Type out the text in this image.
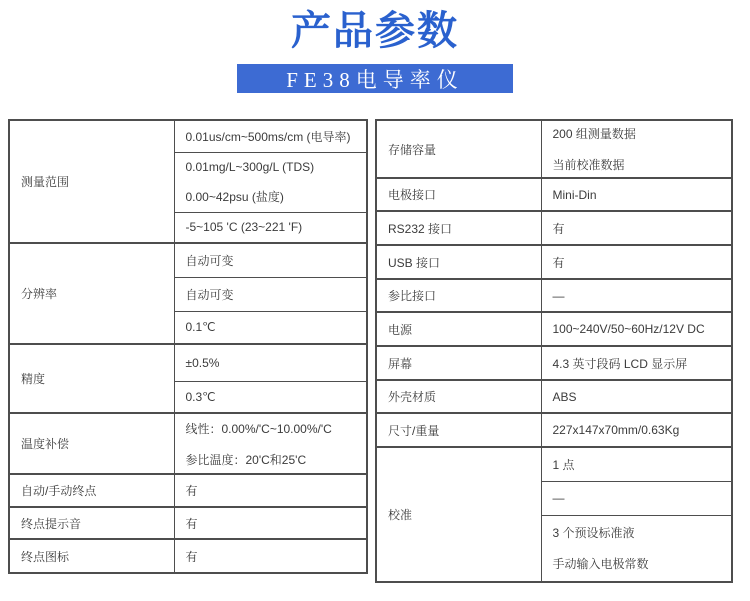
产品参数
FE38电导率仪
测量范围	0.01us/cm~500ms/cm (电导率)

	0.01mg/L~300g/L (TDS)
0.00~42psu (盐度)

	-5~105 'C (23~221 'F)
分辨率	自动可变
	自动可变
	0.1℃
精度	±0.5%
	0.3℃
温度补偿	线性：0.00%/'C~10.00%/'C
参比温度：20'C和25'C

自动/手动终点	有
终点提示音	有
终点图标	有
存储容量	200 组测量数据
当前校准数据

电极接口	Mini-Din
RS232 接口	有
USB 接口	有
参比接口	—
电源	100~240V/50~60Hz/12V DC
屏幕	4.3 英寸段码 LCD 显示屏
外壳材质	ABS
尺寸/重量	227x147x70mm/0.63Kg
校准	1 点
	—

	3 个预设标准液
手动输入电极常数
